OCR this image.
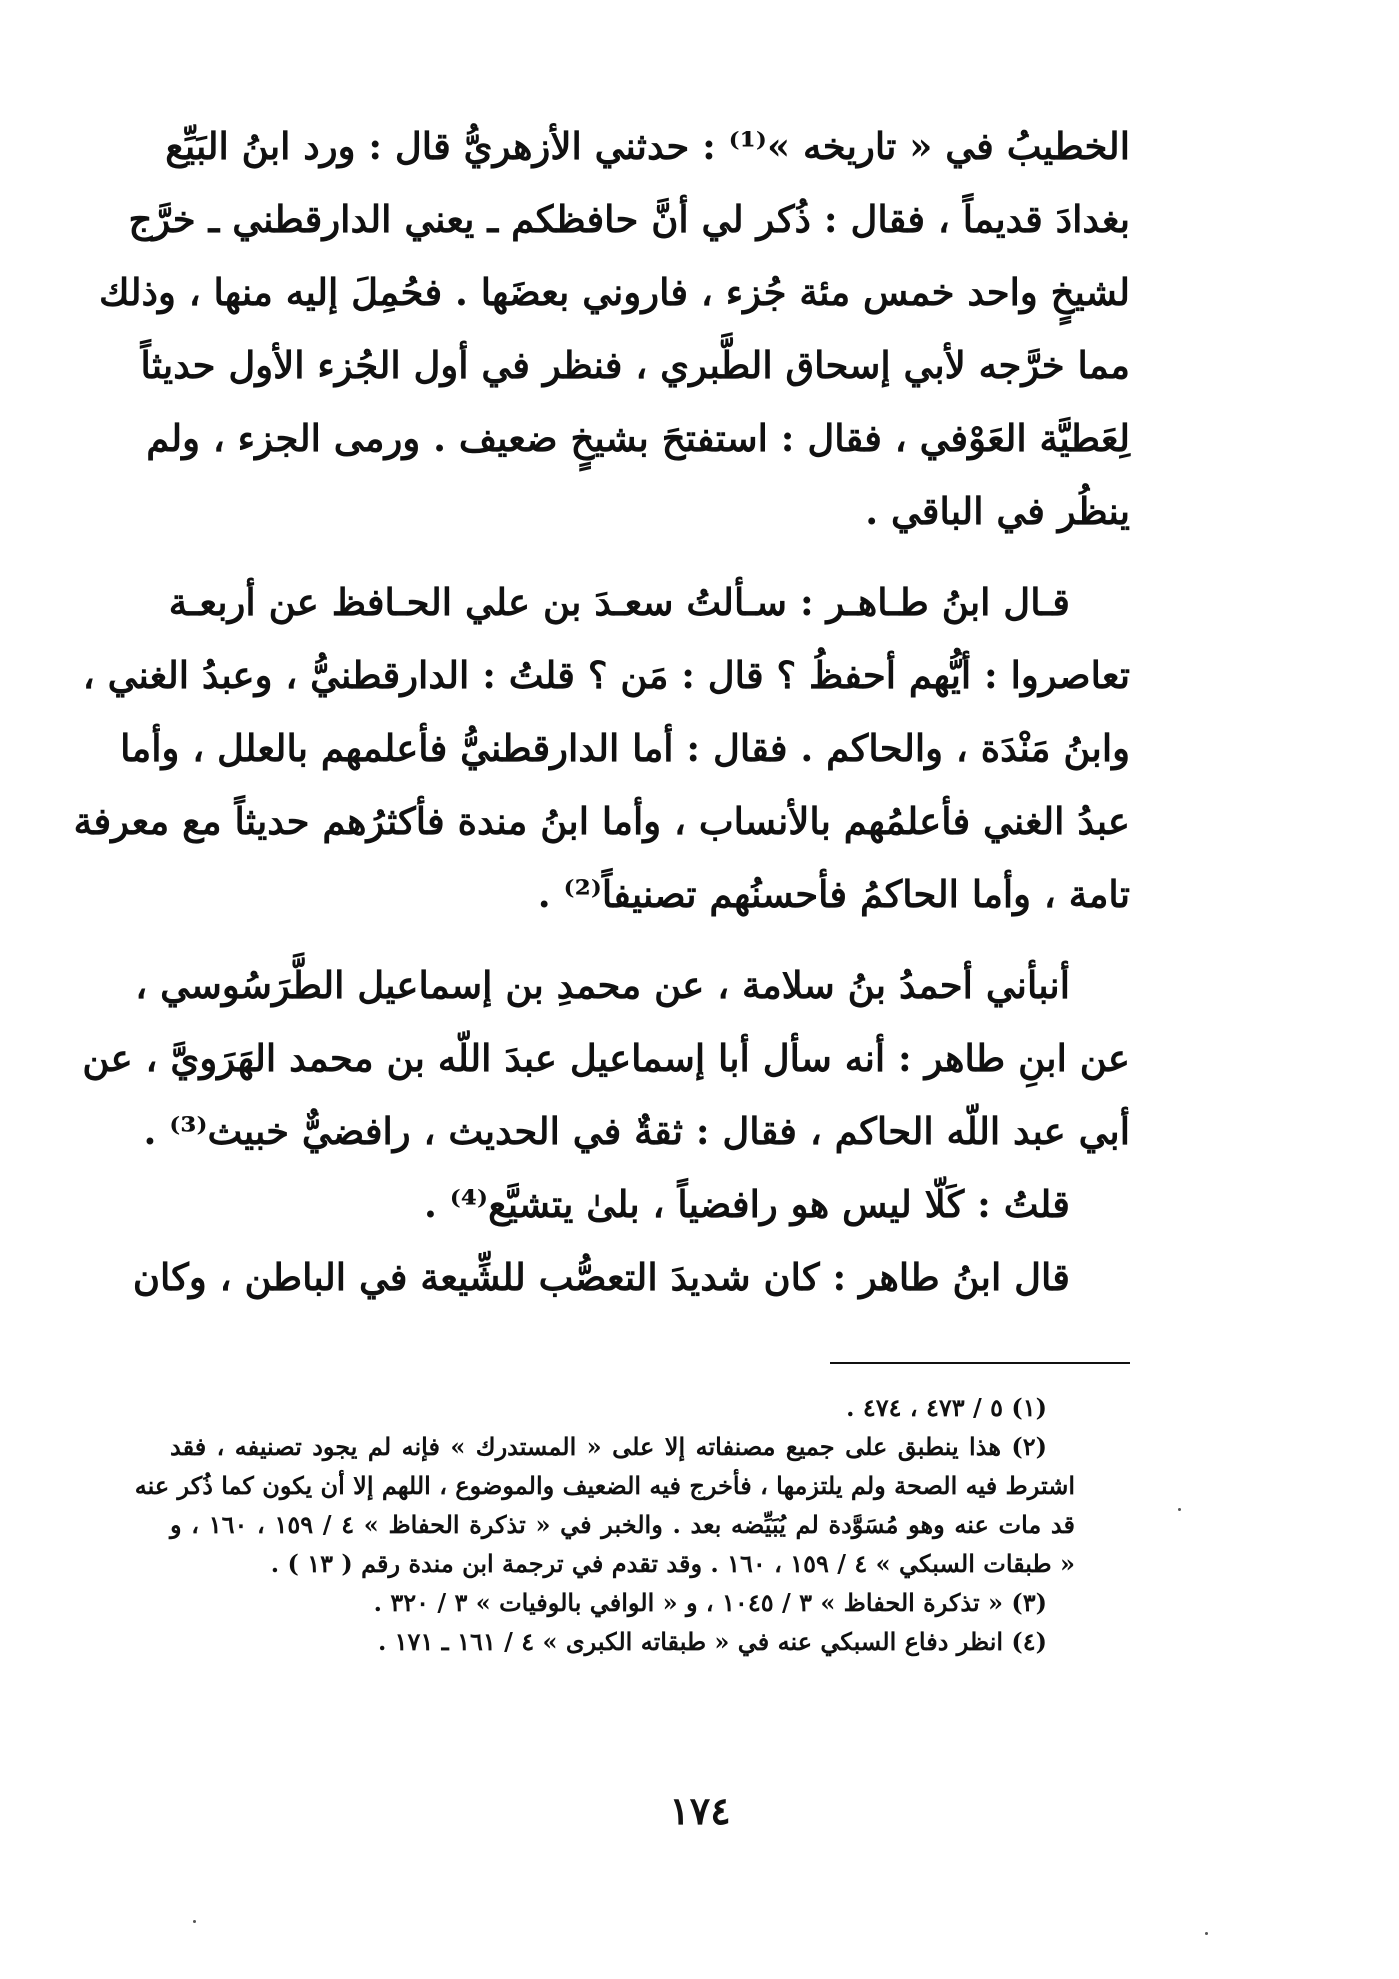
الخطيبُ في « تاريخه »⁽¹⁾ : حدثني الأزهريُّ قال : ورد ابنُ البَيِّع
بغدادَ قديماً ، فقال : ذُكر لي أنَّ حافظكم ـ يعني الدارقطني ـ خرَّج
لشيخٍ واحد خمس مئة جُزء ، فاروني بعضَها . فحُمِلَ إليه منها ، وذلك
مما خرَّجه لأبي إسحاق الطَّبري ، فنظر في أول الجُزء الأول حديثاً
لِعَطيَّة العَوْفي ، فقال : استفتحَ بشيخٍ ضعيف . ورمى الجزء ، ولم
ينظُر في الباقي .
قـال ابنُ طـاهـر : سـألتُ سعـدَ بن علي الحـافظ عن أربعـة
تعاصروا : أيُّهم أحفظُ ؟ قال : مَن ؟ قلتُ : الدارقطنيُّ ، وعبدُ الغني ،
وابنُ مَنْدَة ، والحاكم . فقال : أما الدارقطنيُّ فأعلمهم بالعلل ، وأما
عبدُ الغني فأعلمُهم بالأنساب ، وأما ابنُ مندة فأكثرُهم حديثاً مع معرفة
تامة ، وأما الحاكمُ فأحسنُهم تصنيفاً⁽²⁾ .
أنبأني أحمدُ بنُ سلامة ، عن محمدِ بن إسماعيل الطَّرَسُوسي ،
عن ابنِ طاهر : أنه سأل أبا إسماعيل عبدَ اللّه بن محمد الهَرَويَّ ، عن
أبي عبد اللّه الحاكم ، فقال : ثقةٌ في الحديث ، رافضيٌّ خبيث⁽³⁾ .
قلتُ : كَلّا ليس هو رافضياً ، بلىٰ يتشيَّع⁽⁴⁾ .
قال ابنُ طاهر : كان شديدَ التعصُّب للشِّيعة في الباطن ، وكان
(١) ٥ / ٤٧٣ ، ٤٧٤ .
(٢) هذا ينطبق على جميع مصنفاته إلا على « المستدرك » فإنه لم يجود تصنيفه ، فقد
اشترط فيه الصحة ولم يلتزمها ، فأخرج فيه الضعيف والموضوع ، اللهم إلا أن يكون كما ذُكر عنه
قد مات عنه وهو مُسَوَّدة لم يُبَيِّضه بعد . والخبر في « تذكرة الحفاظ » ٤ / ١٥٩ ، ١٦٠ ، و
« طبقات السبكي » ٤ / ١٥٩ ، ١٦٠ . وقد تقدم في ترجمة ابن مندة رقم ( ١٣ ) .
(٣) « تذكرة الحفاظ » ٣ / ١٠٤٥ ، و « الوافي بالوفيات » ٣ / ٣٢٠ .
(٤) انظر دفاع السبكي عنه في « طبقاته الكبرى » ٤ / ١٦١ ـ ١٧١ .
١٧٤
